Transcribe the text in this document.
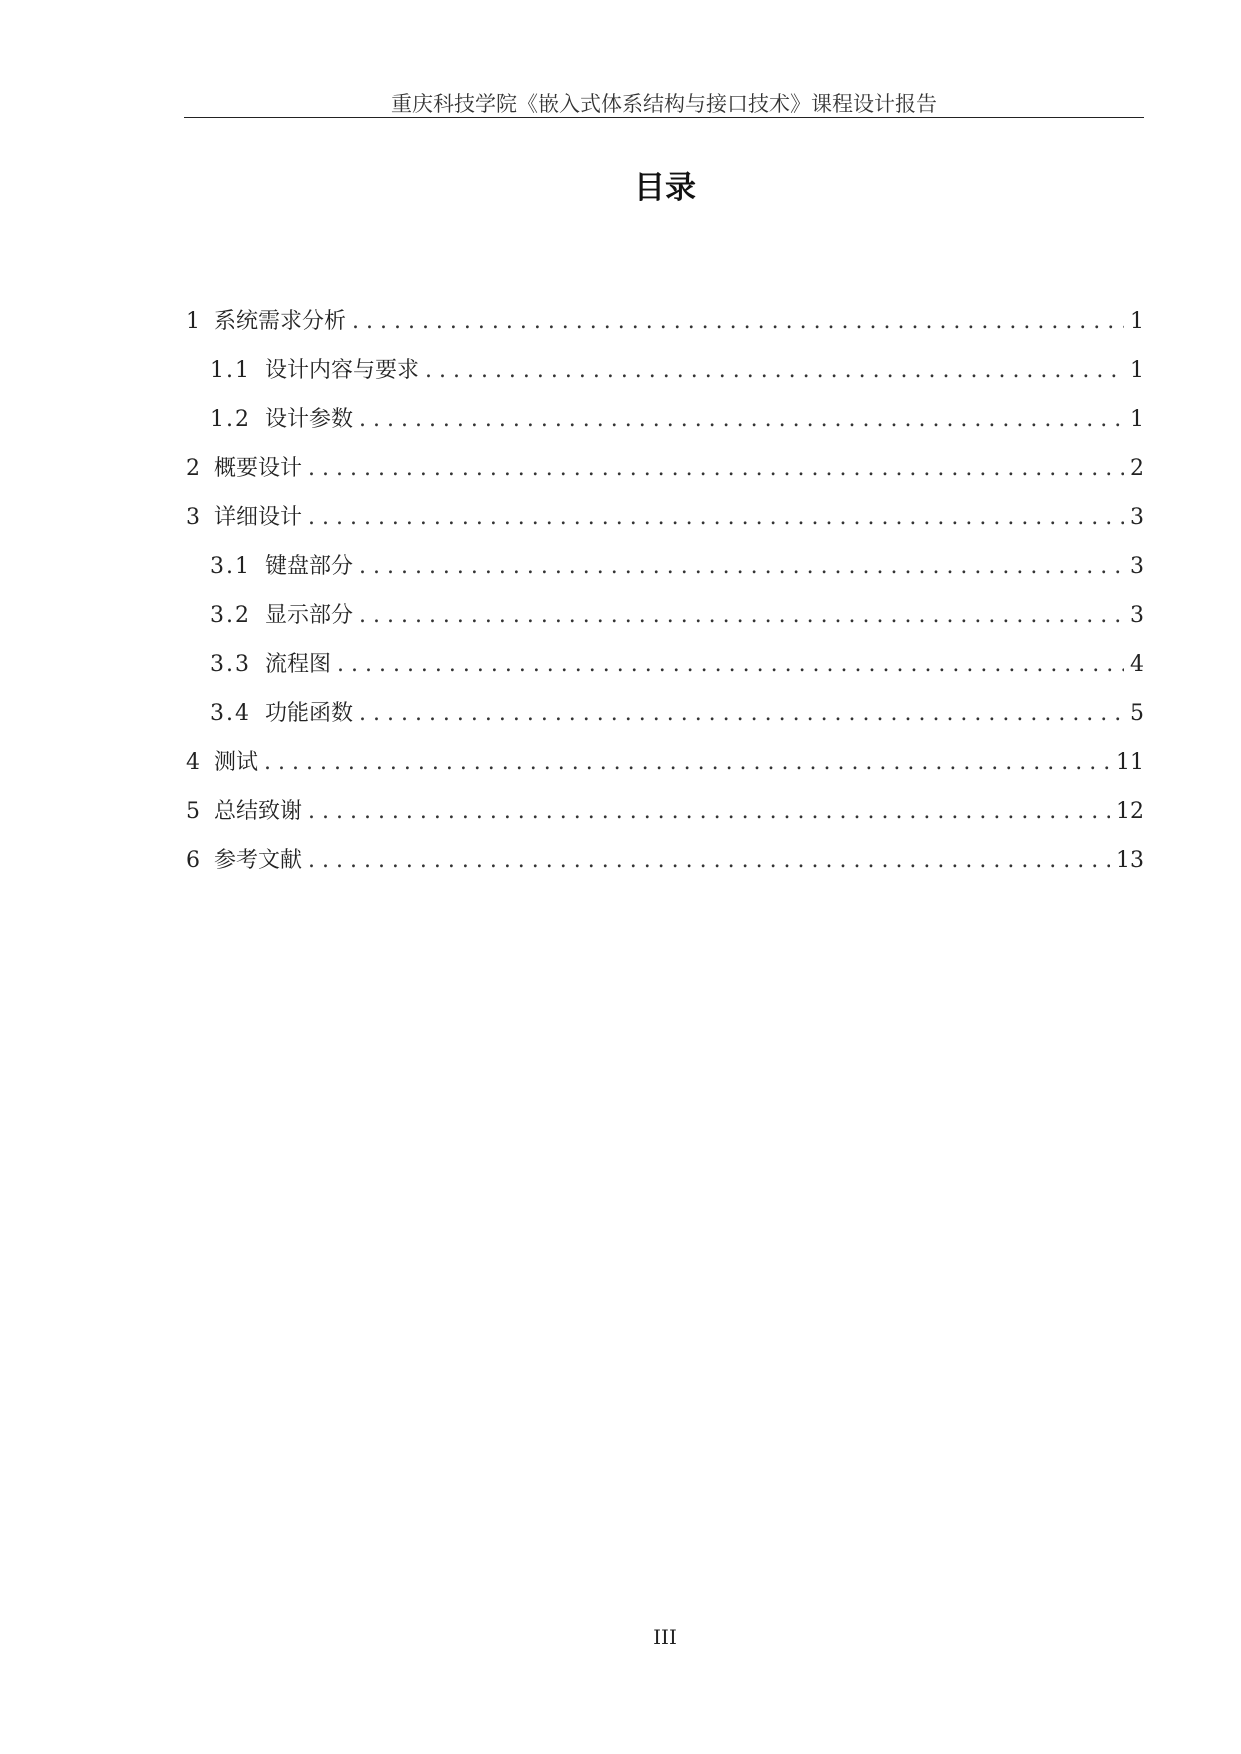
重庆科技学院《嵌入式体系结构与接口技术》课程设计报告
目录
1 系统需求分析 . . .	1
1.1 设计内容与要求 . . .	1
1.2 设计参数 . . .	1
2 概要设计 . . .	2
3 详细设计 . . .	3
3.1 键盘部分 . . .	3
3.2 显示部分 . . .	3
3.3 流程图 . . .	4
3.4 功能函数 . . .	5
4 测试 . . .	11
5 总结致谢 . . .	12
6 参考文献 . . .	13
III
